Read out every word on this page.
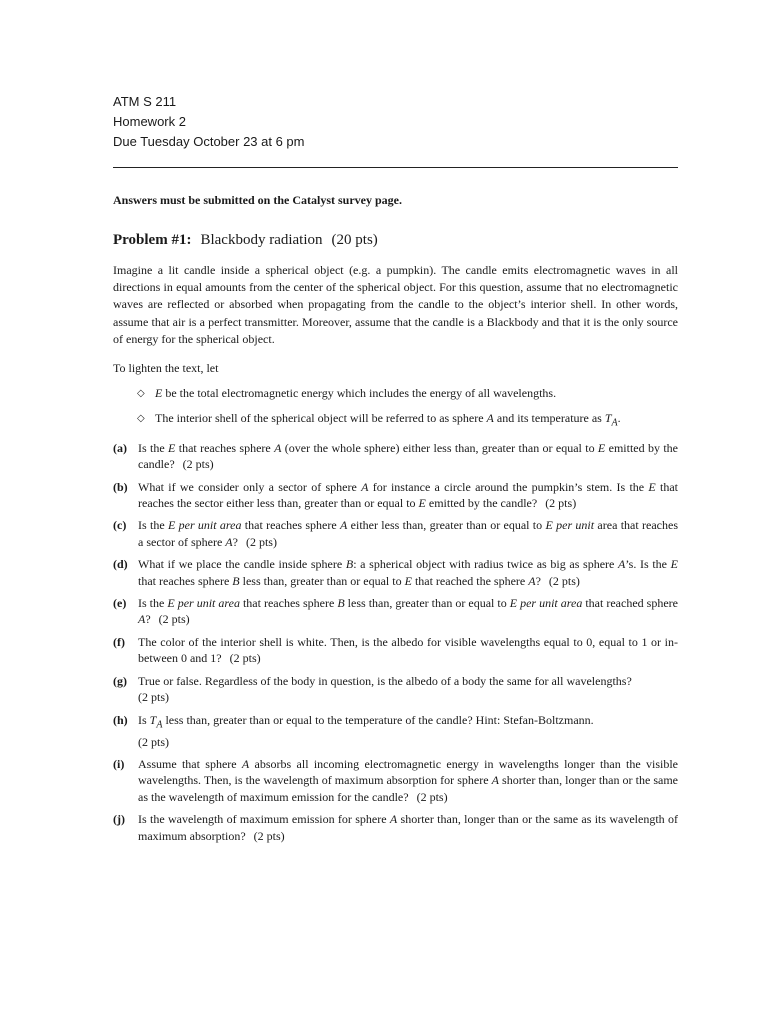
ATM S 211
Homework 2
Due Tuesday October 23 at 6 pm
Answers must be submitted on the Catalyst survey page.
Problem #1: Blackbody radiation (20 pts)

Imagine a lit candle inside a spherical object (e.g. a pumpkin). The candle emits electromagnetic waves in all directions in equal amounts from the center of the spherical object. For this question, assume that no electromagnetic waves are reflected or absorbed when propagating from the candle to the object’s interior shell. In other words, assume that air is a perfect transmitter. Moreover, assume that the candle is a Blackbody and that it is the only source of energy for the spherical object.

To lighten the text, let

◇ E be the total electromagnetic energy which includes the energy of all wavelengths.
◇ The interior shell of the spherical object will be referred to as sphere A and its temperature as $T_A$.
(a) Is the E that reaches sphere A (over the whole sphere) either less than, greater than or equal to E emitted by the candle? (2 pts)
(b) What if we consider only a sector of sphere A for instance a circle around the pumpkin’s stem. Is the E that reaches the sector either less than, greater than or equal to E emitted by the candle? (2 pts)
(c) Is the E per unit area that reaches sphere A either less than, greater than or equal to E per unit area that reaches a sector of sphere A? (2 pts)
(d) What if we place the candle inside sphere B: a spherical object with radius twice as big as sphere A’s. Is the E that reaches sphere B less than, greater than or equal to E that reached the sphere A? (2 pts)
(e) Is the E per unit area that reaches sphere B less than, greater than or equal to E per unit area that reached sphere A? (2 pts)
(f)	The color of the interior shell is white. Then, is the albedo for visible wavelengths equal to 0, equal to 1 or in-between 0 and 1? (2 pts)
(g) True or false. Regardless of the body in question, is the albedo of a body the same for all wavelengths?
(2 pts)
(h) Is $T_A$ less than, greater than or equal to the temperature of the candle? Hint: Stefan-Boltzmann.
(2 pts)
(i)	Assume that sphere A absorbs all incoming electromagnetic energy in wavelengths longer than the visible wavelengths. Then, is the wavelength of maximum absorption for sphere A shorter than, longer than or the same as the wavelength of maximum emission for the candle? (2 pts)
(j)	Is the wavelength of maximum emission for sphere A shorter than, longer than or the same as its wavelength of maximum absorption? (2 pts)
